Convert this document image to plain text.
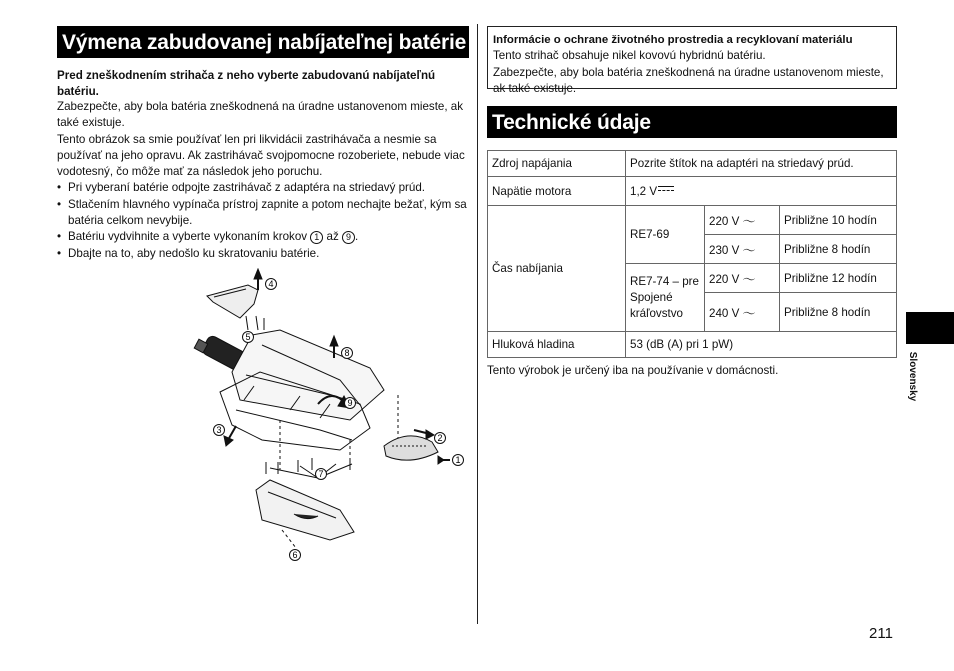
Výmena zabudovanej nabíjateľnej batérie
Pred zneškodnením strihača z neho vyberte zabudovanú nabíjateľnú batériu.
Zabezpečte, aby bola batéria zneškodnená na úradne ustanovenom mieste, ak také existuje.
Tento obrázok sa smie používať len pri likvidácii zastrihávača a nesmie sa používať na jeho opravu. Ak zastrihávač svojpomocne rozoberiete, nebude viac vodotesný, čo môže mať za následok jeho poruchu.
• Pri vyberaní batérie odpojte zastrihávač z adaptéra na striedavý prúd.
• Stlačením hlavného vypínača prístroj zapnite a potom nechajte bežať, kým sa batéria celkom nevybije.
• Batériu vydvihnite a vyberte vykonaním krokov 1 až 9 .
• Dbajte na to, aby nedošlo ku skratovaniu batérie.
1
2
3
4
5
6
7
8
9
Informácie o ochrane životného prostredia a recyklovaní materiálu
Tento strihač obsahuje nikel kovovú hybridnú batériu.
Zabezpečte, aby bola batéria zneškodnená na úradne ustanovenom mieste, ak také existuje.
Technické údaje
Zdroj napájania	Pozrite štítok na adaptéri na striedavý prúd.		
Napätie motora	1,2 V		

Čas nabíjania	RE7-69	220 V 〜	Približne 10 hodín
		230 V 〜	Približne 8 hodín
	RE7-74 – pre Spojené kráľovstvo	220 V 〜	Približne 12 hodín
		240 V 〜	Približne 8 hodín
Hluková hladina	53 (dB (A) pri 1 pW)		
Tento výrobok je určený iba na používanie v domácnosti.	Slovensky
211
